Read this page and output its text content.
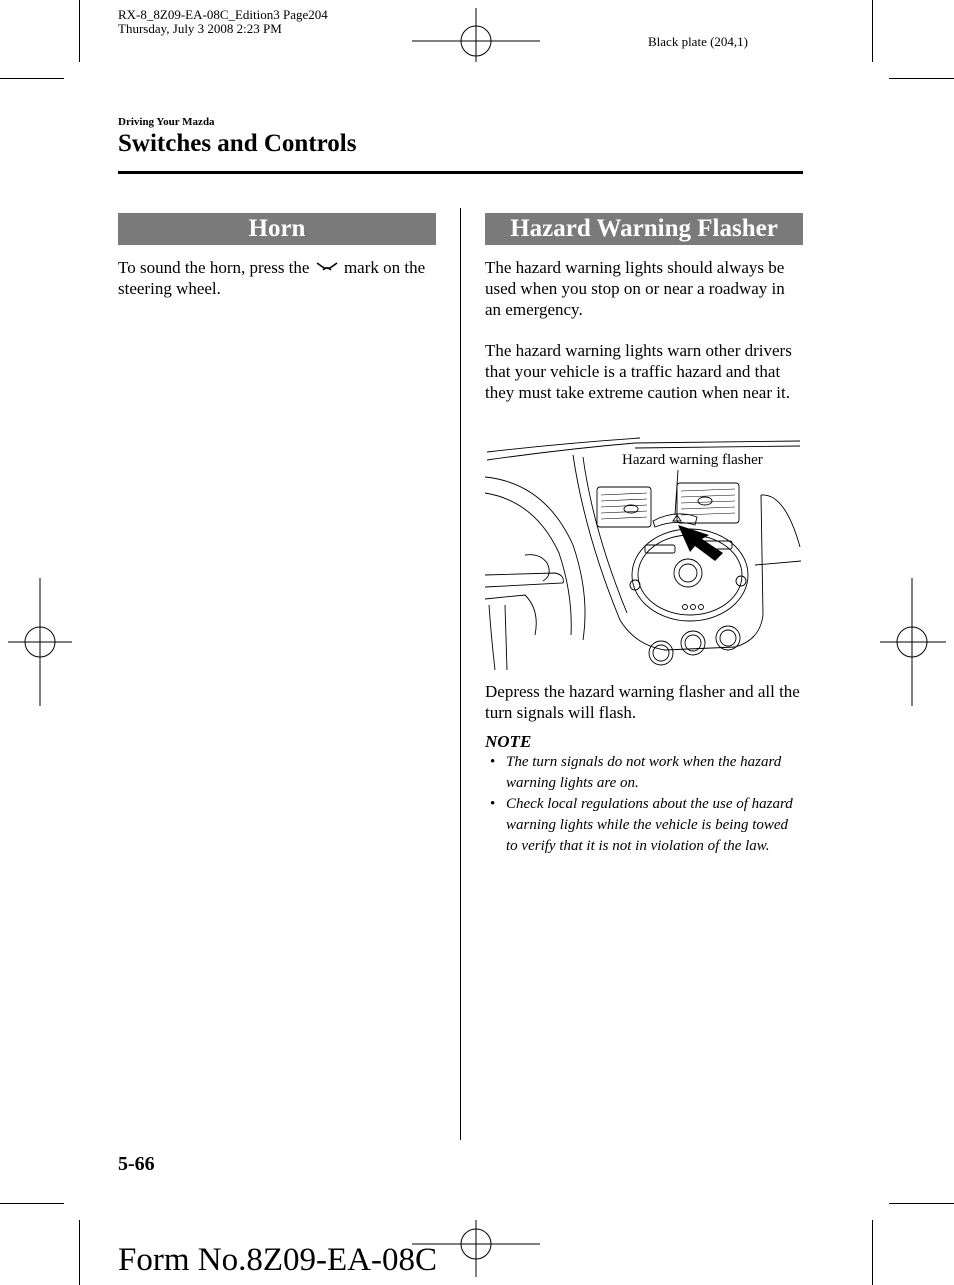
RX-8_8Z09-EA-08C_Edition3 Page204
Thursday, July 3 2008 2:23 PM
Black plate (204,1)
Driving Your Mazda
Switches and Controls
Horn
To sound the horn, press the mark on the steering wheel.
Hazard Warning Flasher
The hazard warning lights should always be used when you stop on or near a roadway in an emergency.
The hazard warning lights warn other drivers that your vehicle is a traffic hazard and that they must take extreme caution when near it.
Hazard warning flasher
Depress the hazard warning flasher and all the turn signals will flash.
NOTE
• The turn signals do not work when the hazard warning lights are on.
• Check local regulations about the use of hazard warning lights while the vehicle is being towed to verify that it is not in violation of the law.
5-66
Form No.8Z09-EA-08C
